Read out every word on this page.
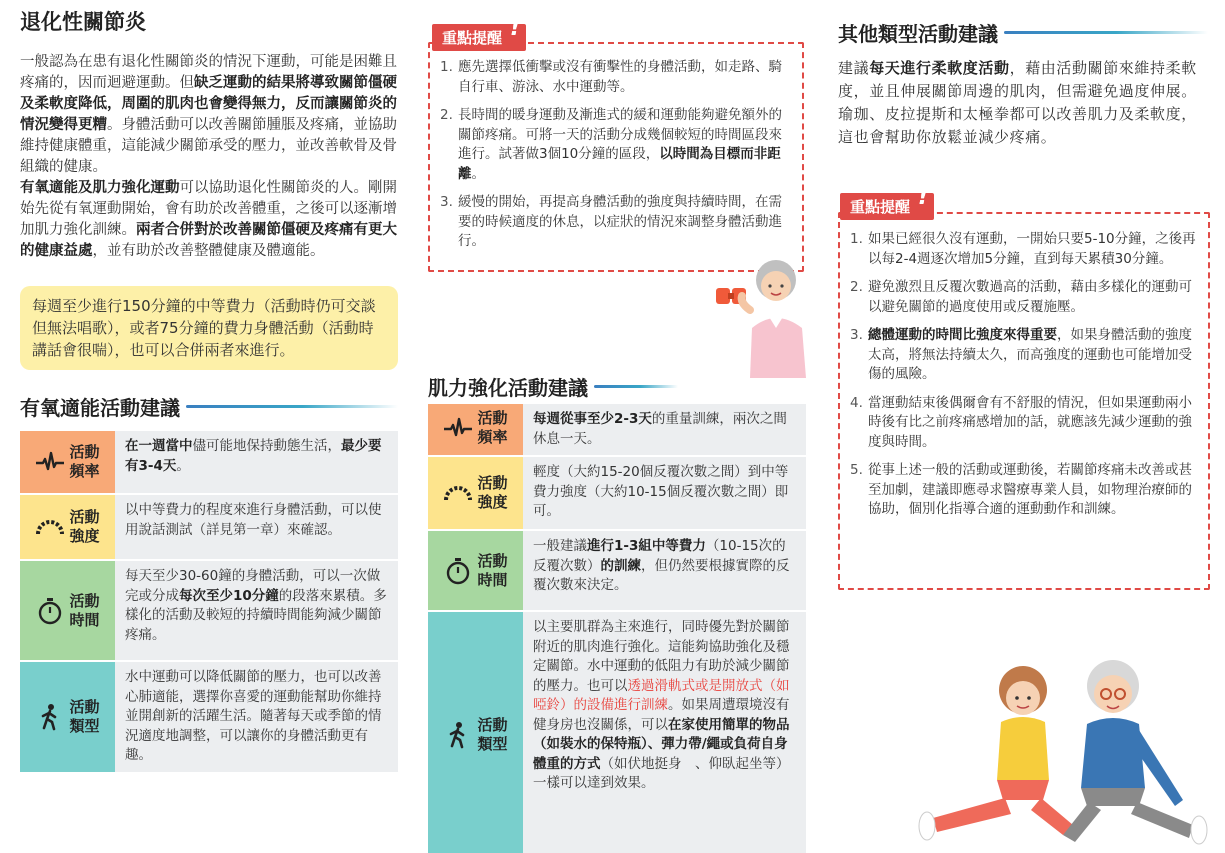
退化性關節炎
一般認為在患有退化性關節炎的情況下運動，可能是困難且疼痛的，因而迴避運動。但缺乏運動的結果將導致關節僵硬及柔軟度降低，周圍的肌肉也會變得無力，反而讓關節炎的情況變得更糟。身體活動可以改善關節腫脹及疼痛，並協助維持健康體重，這能減少關節承受的壓力，並改善軟骨及骨組織的健康。
有氧適能及肌力強化運動可以協助退化性關節炎的人。剛開始先從有氧運動開始，會有助於改善體重，之後可以逐漸增加肌力強化訓練。兩者合併對於改善關節僵硬及疼痛有更大的健康益處，並有助於改善整體健康及體適能。
每週至少進行150分鐘的中等費力（活動時仍可交談但無法唱歌），或者75分鐘的費力身體活動（活動時講話會很喘），也可以合併兩者來進行。
有氧適能活動建議
活動
頻率	在一週當中儘可能地保持動態生活，最少要有3-4天。

活動
強度	以中等費力的程度來進行身體活動，可以使用說話測試（詳見第一章）來確認。

活動
時間	每天至少30-60鐘的身體活動，可以一次做完或分成每次至少10分鐘的段落來累積。多樣化的活動及較短的持續時間能夠減少關節疼痛。

活動
類型	水中運動可以降低關節的壓力，也可以改善心肺適能，選擇你喜愛的運動能幫助你維持並開創新的活躍生活。隨著每天或季節的情況適度地調整，可以讓你的身體活動更有趣。
1. 應先選擇低衝擊或沒有衝擊性的身體活動，如走路、騎自行車、游泳、水中運動等。
2. 長時間的暖身運動及漸進式的緩和運動能夠避免額外的關節疼痛。可將一天的活動分成幾個較短的時間區段來進行。試著做3個10分鐘的區段，以時間為目標而非距離。
3. 緩慢的開始，再提高身體活動的強度與持續時間，在需要的時候適度的休息，以症狀的情況來調整身體活動進行。
重點提醒 !
肌力強化活動建議
活動
頻率	每週從事至少2-3天的重量訓練，兩次之間休息一天。

活動
強度	輕度（大約15-20個反覆次數之間）到中等費力強度（大約10-15個反覆次數之間）即可。

活動
時間	一般建議進行1-3組中等費力（10-15次的反覆次數）的訓練，但仍然要根據實際的反覆次數來決定。

活動
類型	以主要肌群為主來進行，同時優先對於關節附近的肌肉進行強化。這能夠協助強化及穩定關節。水中運動的低阻力有助於減少關節的壓力。也可以透過滑軌式或是開放式（如啞鈴）的設備進行訓練。如果周遭環境沒有健身房也沒關係，可以在家使用簡單的物品（如裝水的保特瓶）、彈力帶/繩或負荷自身體重的方式（如伏地挺身　、仰臥起坐等）一樣可以達到效果。
其他類型活動建議
建議每天進行柔軟度活動，藉由活動關節來維持柔軟度，並且伸展關節周邊的肌肉，但需避免過度伸展。瑜珈、皮拉提斯和太極拳都可以改善肌力及柔軟度，這也會幫助你放鬆並減少疼痛。
1. 如果已經很久沒有運動，一開始只要5-10分鐘，之後再以每2-4週逐次增加5分鐘，直到每天累積30分鐘。
2. 避免激烈且反覆次數過高的活動，藉由多樣化的運動可以避免關節的過度使用或反覆施壓。
3. 總體運動的時間比強度來得重要，如果身體活動的強度太高，將無法持續太久，而高強度的運動也可能增加受傷的風險。
4. 當運動結束後偶爾會有不舒服的情況，但如果運動兩小時後有比之前疼痛感增加的話，就應該先減少運動的強度與時間。
5. 從事上述一般的活動或運動後，若關節疼痛未改善或甚至加劇，建議即應尋求醫療專業人員，如物理治療師的協助，個別化指導合適的運動動作和訓練。
重點提醒 !
